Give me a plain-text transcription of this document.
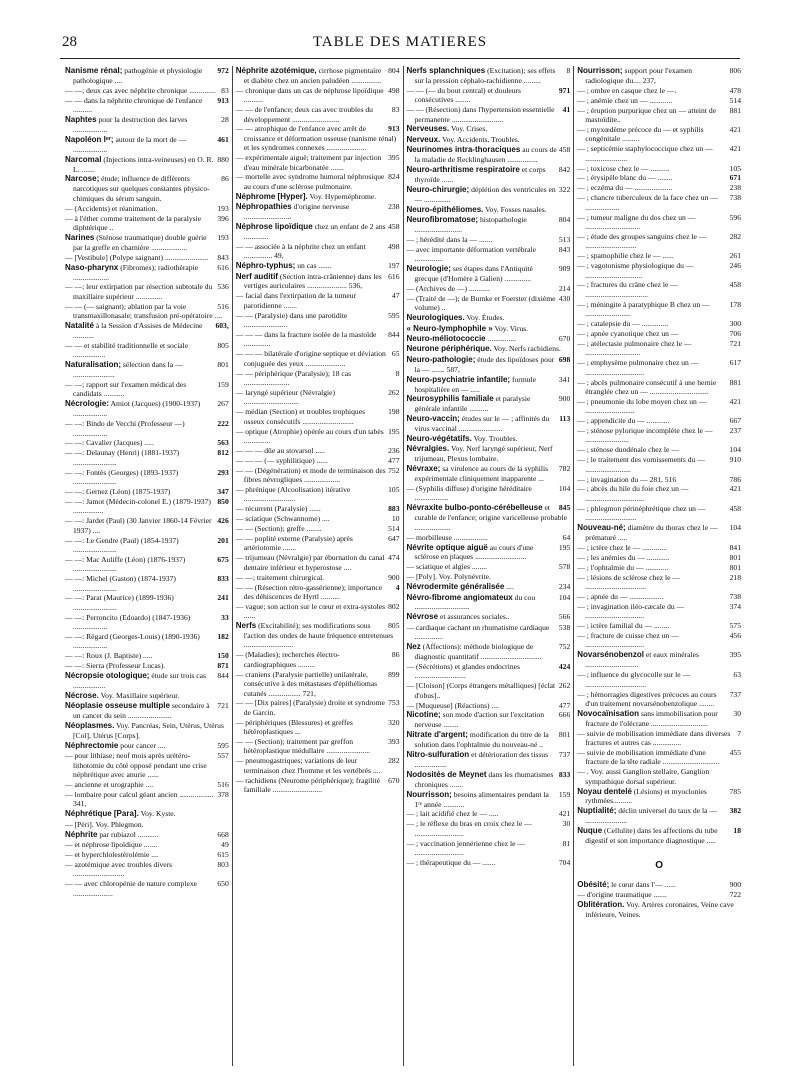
28	TABLE DES MATIERES
972
Nanisme rénal; pathogénie et physiologie pathologique ....
83
— —; deux cas avec néphrite chronique ..............
913
— — dans la néphrite chronique de l'enfance ..........
28
Naphtes pour la destruction des larves ..................
461
Napoléon Iᵉʳ; autour de la mort de — ..................
880
Narcomal (Injections intra-veineuses) en O. R. L. .......
86
Narcose; étude; influence de différents narcotiques sur quelques constantes physico-chimiques du sérum sanguin.
193
— (Accidents) et réanimation.
396
— à l'éther comme traitement de la paralysie diphtérique ..
193
Narines (Sténose traumatique) double guérie par la greffe en charnière ...................
843
— [Vestibule] (Polype saignant) .......................
616
Naso-pharynx (Fibromes); radiothérapie ...................
536
— —; leur extirpation par résection subtotale du maxillaire supérieur ..............
516
— — (— saignant); ablation par la voie transmaxillonasale; transfusion pré-opératoire ....
603,
Natalité à la Session d'Assises de Médecine ...........
805
— — et stabilité traditionnelle et sociale .................
801
Naturalisation; sélection dans la — ......................
159
— —; rapport sur l'examen médical des candidats ...........
267
Nécrologie: Amiot (Jacques) (1900-1937) ..................
222
— —: Bindo de Vecchi (Professeur —) ..................
563
— —: Cavalier (Jacques) .....
812
— —: Delaunay (Henri) (1881-1937) .......................
293
— —: Fontès (Georges) (1893-1937) .......................
347
— —: Gernez (Léon) (1875-1937)
850
— —: Jamot (Médecin-colonel E.) (1879-1937) ................
426
— —: Jardet (Paul) (30 Janvier 1860-14 Février 1937) ....
201
— —: Le Gendre (Paul) (1854-1937) .......................
675
— —: Mac Auliffe (Léon) (1876-1937) .......................
833
— —: Michel (Gaston) (1874-1937) .......................
241
— —: Parat (Maurice) (1899-1936) .......................
33
— —: Perroncito (Edoardo) (1847-1936) ..................
182
— —: Régard (Georges-Louis) (1890-1936) ..................
150
— —: Roux (J. Baptiste) .....
871
— —: Sierra (Professeur Lucas).
844
Nécropsie otologique; étude sur trois cas .................
Nécrose. Voy. Maxillaire supérieur.
721
Néoplasie osseuse multiple secondaire à un cancer du sein .......................
Néoplasmes. Voy. Pancréas, Sein, Utérus, Utérus [Col], Utérus [Corps].
595
Néphrectomie pour cancer ....
557
— pour lithiase; neuf mois après urétéro-lithotomie du côté opposé pendant une crise néphrétique avec anurie ......
516
— ancienne et urographie ....
378
— lombaire pour calcul géant ancien .................. 341,
Néphrétique [Para]. Voy. Kyste.
— [Péri]. Voy. Phlegmon.
668
Néphrite par rubiazol ...........
49
— et néphrose lipoïdique .......
615
— et hyperchlolestérolémie ....
803
— azotémique avec troubles divers ...........................
650
— — avec chloropénie de nature complexe .....................
804
Néphrite azotémique, cirrhose pigmentaire et diabète chez un ancien paludéen ................
498
— chronique dans un cas de néphrose lipoïdique ..........
83
— — de l'enfance; deux cas avec troubles du développement .........................
913
— — atrophique de l'enfance avec arrêt de croissance et déformation osseuse (nanisme rénal) et les syndromes connexes .....................
395
— expérimentale aiguë; traitement par injection d'eau minérale bicarbonatée .......
824
— mortelle avec syndrome humoral néphrosique au cours d'une sclérose pulmonaire.
Néphrome [Hyper]. Voy. Hypernéphrome.
238
Néphropathies d'origine nerveuse .........................
458
Néphrose lipoïdique chez un enfant de 2 ans .............
498
— — associée à la néphrite chez un enfant ............... 49,
197
Néphro-typhus; un cas .......
616
Nerf auditif (Section intra-crânienne) dans les vertiges auriculaires ..................... 536,
47
— facial dans l'extirpation de la tumeur parotidienne .......
595
— — (Paralysie) dans une parotidite .......................
844
— — — dans la fracture isolée de la mastoïde ..............
65
— — — bilatérale d'origine septique et déviation conjuguée des yeux .....................
8
— — périphérique (Paralysie); 18 cas ........................
262
— laryngé supérieur (Névralgie) .............................
198
— médian (Section) et troubles trophiques osseux consécutifs ...........................
195
— optique (Atrophie) opérée au cours d'un tabès ..............
236
— — — dûe au stovarsol .....
477
— — — (— syphilitique) ......
752
— — (Dégénération) et mode de terminaison des fibres névrogliques ...................
105
— phrénique (Alcoolisation) itérative ...........................
883
— récurrent (Paralysie) ......
10
— sciatique (Schwannome) ....
514
— — (Section); greffe ........
647
— — poplité externe (Paralysie) après artériotomie .......
474
— trijumeau (Névralgie) par éburnation du canal dentaire inférieur et hyperostose ....
900
— —; traitement chirurgical.
4
— — (Résection rétro-gassérienne); importance des déhiscences de Hyrtl ..........
802
— vague; son action sur le cœur et extra-systoles ......
805
Nerfs (Excitabilité); ses modifications sous l'action des ondes de haute fréquence entretenues ..........................
86
— (Maladies); recherches électro-cardiographiques .........
899
— craniens (Paralysie partielle) unilatérale, consécutive à des métastases d'épithéliomas cutanés ................. 721,
753
— — [Dix paires] (Paralysie) droite et syndrome de Garcin.
320
— périphériques (Blessures) et greffes hétéroplastiques ...
393
— — (Section); traitement par greffon hétéroplastique médullaire .......................
282
— pneumogastriques; variations de leur terminaison chez l'homme et les vertébrés ....
670
— rachidiens (Neurome périphérique); fragilité familiale ..........................
8
Nerfs splanchniques (Excitation); ses effets sur la pression céphalo-rachidienne .........
971
— — (— du bout central) et douleurs consécutives ........
41
— — (Résection) dans l'hypertension essentielle permanente ...........................
Nerveuses. Voy. Crises.
Nerveux. Voy. Accidents, Troubles.
458
Neurinomes intra-thoraciques au cours de la maladie de Recklinghausen ................
842
Neuro-arthritisme respiratoire et corps thyroïde ......
322
Neuro-chirurgie; déplétion des ventricules en — ..............
Neuro-épithéliomes. Voy. Fosses nasales.
804
Neurofibromatose; histopathologie .........................
513
— ; hérédité dans la — .......
843
— avec importante déformation vertébrale ...............
909
Neurologie; ses étapes dans l'Antiquité grecque (d'Homère à Galien) ..............
214
— (Archives de —) ...........
430
— (Traité de —); de Bumke et Foerster (dixième volume) ..
Neurologiques. Voy. Études.
« Neuro-lymphophile » Voy. Virus.
670
Neuro-méliotococcie ...............
Neurone périphérique. Voy. Nerfs rachidiens.
698
Neuro-pathologie; étude des lipoïdoses pour la — ....... 587,
341
Neuro-psychiatrie infantile; formule hospitalière en — .....
900
Neurosyphilis familiale et paralysie générale infantile ..........
113
Neuro-vaccin; études sur le — ; affinités du virus vaccinal .......................
Neuro-végétatifs. Voy. Troubles.
Névralgies. Voy. Nerf laryngé supérieur, Nerf trijumeau, Plexus lombaire.
782
Névraxe; sa virulence au cours de la syphilis expérimentale cliniquement inapparente ...
104
— (Syphilis diffuse) d'origine héréditaire ..................
845
Névraxite bulbo-ponto-cérébelleuse et curable de l'enfance; origine varicelleuse probable ...................
64
— morbilleuse ..................
195
Névrite optique aiguë au cours d'une sclérose en plaques ...........................
578
— sciatique et algies ........
— [Poly]. Voy. Polynévrite.
234
Névrodermite généralisée ....
104
Névro-fibrome angiomateux du cou .............................
566
Névrose et assurances sociales..
538
— cardiaque cachant un rhumatisme cardiaque ...............
752
Nez (Affections): méthode biologique de diagnostic quantitatif ................................
424
— (Sécrétions) et glandes endocrines ...........................
262
— [Cloison] (Corps étrangers métalliques) [éclat d'obus]..
477
— [Muqueuse] (Réactions) ....
666
Nicotine; son mode d'action sur l'excitation nerveuse ........
801
Nitrate d'argent; modification du titre de la solution dans l'ophtalmie du nouveau-né ..
737
Nitro-sulfuration et détérioration des tissus .................
833
Nodosités de Meynet dans les rhumatismes chroniques .......
159
Nourrisson; besoins alimentaires pendant la 1ʳᵉ année ...........
421
— ; lait acidifié chez le — .....
30
— ; le réflexe du bras en croix chez le — ..........................
81
— ; vaccination jennérienne chez le — ..........................
704
— ; thérapeutique du — .......
806
Nourrisson; support pour l'examen radiologique du.... 237,
478
— ; ombre en casque chez le —.
514
— ; anémie chez un — ............
881
— ; éruption purpurique chez un — atteint de mastoïdite..
421
— ; myxœdème précoce du — et syphilis congénitale .........
421
— ; septicémie staphylococcique chez un — ......................
105
— ; toxicose chez le — ..........
671
— ; érysipèle blanc du — ........
238
— ; eczéma du — ....................
738
— ; chancre tuberculeux de la face chez un — ..................
596
— ; tumeur maligne du dos chez un — .............................
282
— ; étude des groupes sanguins chez le — ...........................
261
— ; spamophilie chez le — ......
246
— ; vagotonisme physiologique du — ..............................
458
— ; fractures du crâne chez le — .................................
178
— ; méningite à paratyphique B chez un — ........................
300
— ; catalepsie du — ..............
706
— ; apnée cyanotique chez un —
721
— ; atélectasie pulmonaire chez le — .............................
617
— ; emphysème pulmonaire chez un — ...............................
881
— ; abcès pulmonaire consécutif à une hernie étranglée chez un — ...............................
421
— ; pneumonie du lobe moyen chez un — ..........................
667
— ; appendicite du — ............
237
— ; sténose pylorique incomplète chez le — .......................
104
— ; sténose duodénale chez le —
910
— ; le traitement des vomissements du — ........................
786
— ; invagination du — 281, 516
421
— ; abcès du hile du foie chez un — ...............................
458
— ; phlegmon périnéphrétique chez un — ...........................
104
Nouveau-né; diamètre du thorax chez le — prématuré .....
841
— ; ictère chez le — .............
801
— ; les anémies du — ............
801
— ; l'ophtalmie du — ............
218
— ; lésions de sclérose chez le — ................................
738
— ; apnée du — ..................
374
— ; invagination iléo-cæcale du — ...............................
575
— ; ictère familial du — ........
456
— ; fracture de cuisse chez un — ...............................
395
Novarsénobenzol et eaux minérales ............................
63
— ; influence du glycocolle sur le — ................................
737
— ; hémorragies digestives précoces au cours d'un traitement novarsénobenzolique ........
30
Novocaïnisation sans immobilisation pour fracture de l'olécrane ..............................
7
— suivie de mobilisation immédiate dans diverses fractures et autres cas ...............
455
— suivie de mobilisation immédiate d'une fracture de la tête radiale ..............................
— . Voy. aussi Ganglion stellaire, Ganglion sympathique dorsal supérieur.
785
Noyau dentelé (Lésions) et myoclonies rythmées..........
382
Nuptialité; déclin universel du taux de la — ......................
18
Nuque (Cellulite) dans les affections du tube digestif et son importance diagnostique .....
O
900
Obésité; le cœur dans l'— ......
722
— d'origine traumatique .......
Oblitération. Voy. Artères coronaires, Veine cave inférieure, Veines.
